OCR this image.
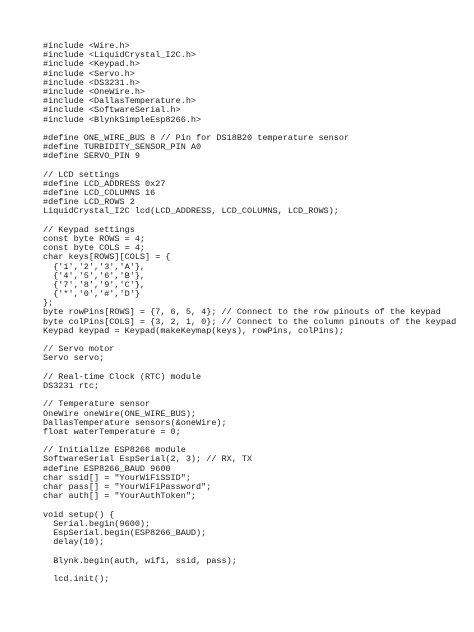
#include <Wire.h>
#include <LiquidCrystal_I2C.h>
#include <Keypad.h>
#include <Servo.h>
#include <DS3231.h>
#include <OneWire.h>
#include <DallasTemperature.h>
#include <SoftwareSerial.h>
#include <BlynkSimpleEsp8266.h>
#define ONE_WIRE_BUS 8 // Pin for DS18B20 temperature sensor
#define TURBIDITY_SENSOR_PIN A0
#define SERVO_PIN 9
// LCD settings
#define LCD_ADDRESS 0x27
#define LCD_COLUMNS 16
#define LCD_ROWS 2
LiquidCrystal_I2C lcd(LCD_ADDRESS, LCD_COLUMNS, LCD_ROWS);
// Keypad settings
const byte ROWS = 4;
const byte COLS = 4;
char keys[ROWS][COLS] = {
{'1','2','3','A'},
{'4','5','6','B'},
{'7','8','9','C'},
{'*','0','#','D'}
};
byte rowPins[ROWS] = {7, 6, 5, 4}; // Connect to the row pinouts of the keypad
byte colPins[COLS] = {3, 2, 1, 0}; // Connect to the column pinouts of the keypad
Keypad keypad = Keypad(makeKeymap(keys), rowPins, colPins);
// Servo motor
Servo servo;
// Real-time Clock (RTC) module
DS3231 rtc;
// Temperature sensor
OneWire oneWire(ONE_WIRE_BUS);
DallasTemperature sensors(&oneWire);
float waterTemperature = 0;
// Initialize ESP8266 module
SoftwareSerial EspSerial(2, 3); // RX, TX
#define ESP8266_BAUD 9600
char ssid[] = "YourWiFiSSID";
char pass[] = "YourWiFiPassword";
char auth[] = "YourAuthToken";
void setup() {
Serial.begin(9600);
EspSerial.begin(ESP8266_BAUD);
delay(10);
Blynk.begin(auth, wifi, ssid, pass);
lcd.init();
